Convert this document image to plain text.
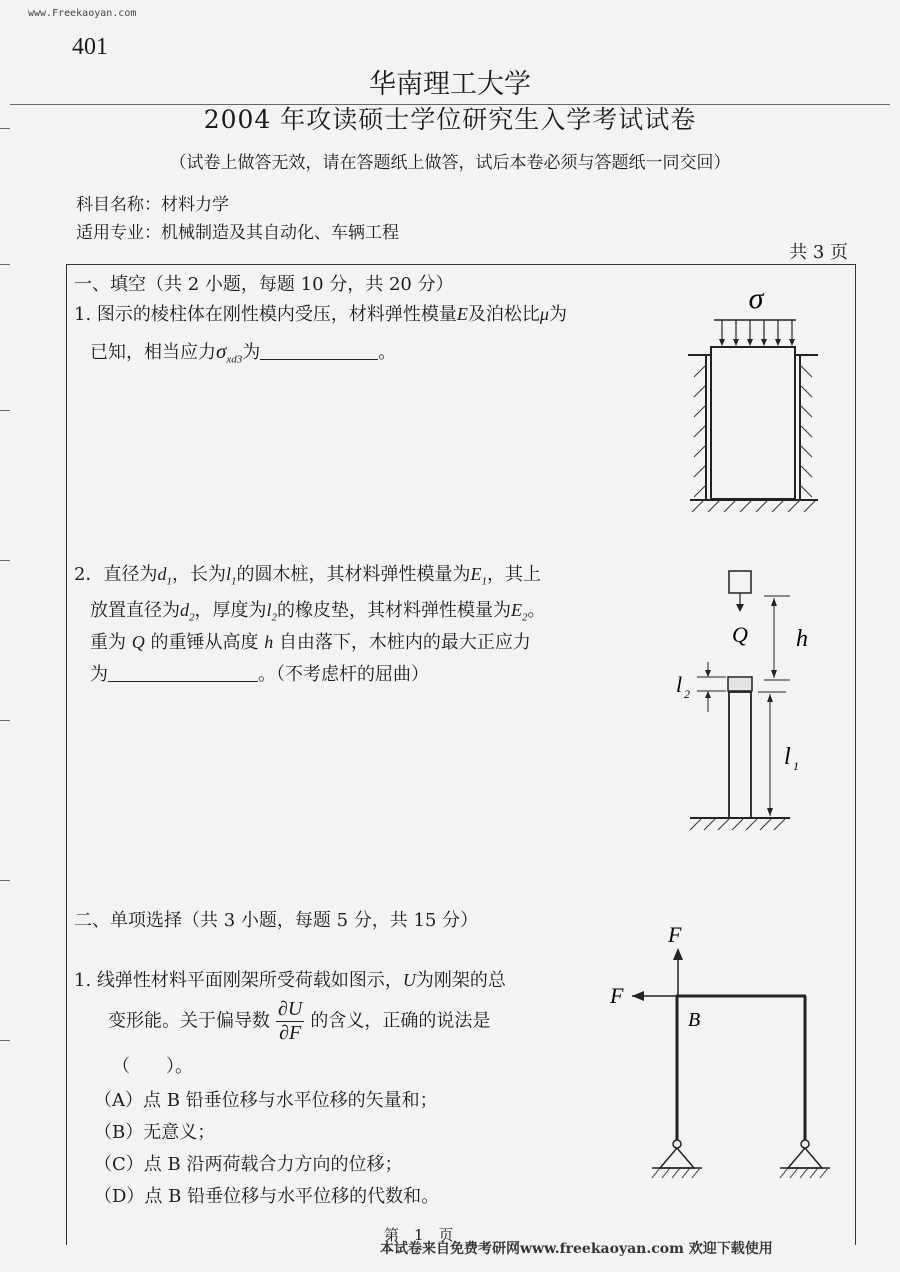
www.Freekaoyan.com
401
华南理工大学
2004 年攻读硕士学位研究生入学考试试卷
（试卷上做答无效，请在答题纸上做答，试后本卷必须与答题纸一同交回）
科目名称：材料力学
适用专业：机械制造及其自动化、车辆工程
共 3 页
一、填空（共 2 小题，每题 10 分，共 20 分）
1. 图示的棱柱体在刚性模内受压，材料弹性模量E及泊松比μ为
已知，相当应力$\sigma_{xd3}$为	。
σ
2．直径为$d_1$，长为$l_1$的圆木桩，其材料弹性模量为$E_1$，其上
放置直径为$d_2$，厚度为$l_2$的橡皮垫，其材料弹性模量为$E_2$。
重为 Q 的重锤从高度 h 自由落下，木桩内的最大正应力
为	。（不考虑杆的屈曲）
Q h
l 2
l 1
二、单项选择（共 3 小题，每题 5 分，共 15 分）
1. 线弹性材料平面刚架所受荷载如图示，U为刚架的总
变形能。关于偏导数 $\frac{\partial U}{\partial F}$ 的含义，正确的说法是
（　　）。
（A）点 B 铅垂位移与水平位移的矢量和；
（B）无意义；
（C）点 B 沿两荷载合力方向的位移；
（D）点 B 铅垂位移与水平位移的代数和。
F
F
B
第　1　页
本试卷来自免费考研网www.freekaoyan.com 欢迎下载使用
